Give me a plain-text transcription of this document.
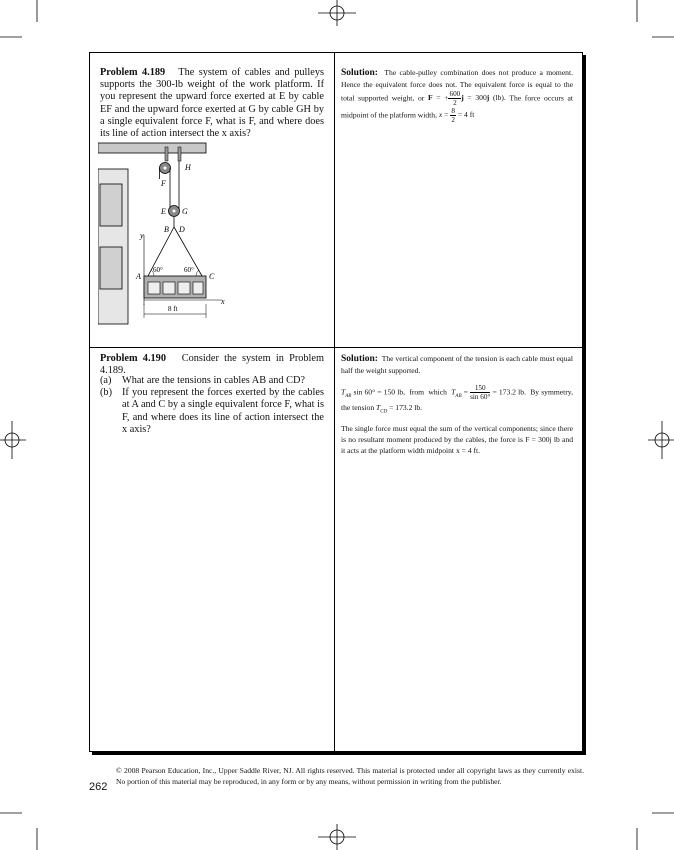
Problem 4.189 The system of cables and pulleys supports the 300-lb weight of the work platform. If you represent the upward force exerted at E by cable EF and the upward force exerted at G by cable GH by a single equivalent force F, what is F, and where does its line of action intersect the x axis?
Solution: The cable-pulley combination does not produce a moment. Hence the equivalent force does not. The equivalent force is equal to the total supported weight, or F = + $\frac{600}{2}$ j = 300j (lb). The force occurs at midpoint of the platform width, $x = \frac{8}{2} = 4$ ft
H
F
E G
B D
y
A	C
x
60°	60°
8 ft
Problem 4.190 Consider the system in Problem 4.189.
(a)	What are the tensions in cables AB and CD?
(b) If you represent the forces exerted by the cables at A and C by a single equivalent force F, what is F, and where does its line of action intersect the x axis?
Solution: The vertical component of the tension is each cable must equal half the weight supported.
$T_{AB}$ sin 60° = 150 lb,  from  which  $T_{AB} = \frac{150}{\sin 60^\circ} = 173.2$ lb.  By symmetry, the tension $T_{CD} = 173.2$ lb.
The single force must equal the sum of the vertical components; since there is no resultant moment produced by the cables, the force is F = 300j lb and it acts at the platform width midpoint x = 4 ft.
262
© 2008 Pearson Education, Inc., Upper Saddle River, NJ. All rights reserved. This material is protected under all copyright laws as they currently exist. No portion of this material may be reproduced, in any form or by any means, without permission in writing from the publisher.
